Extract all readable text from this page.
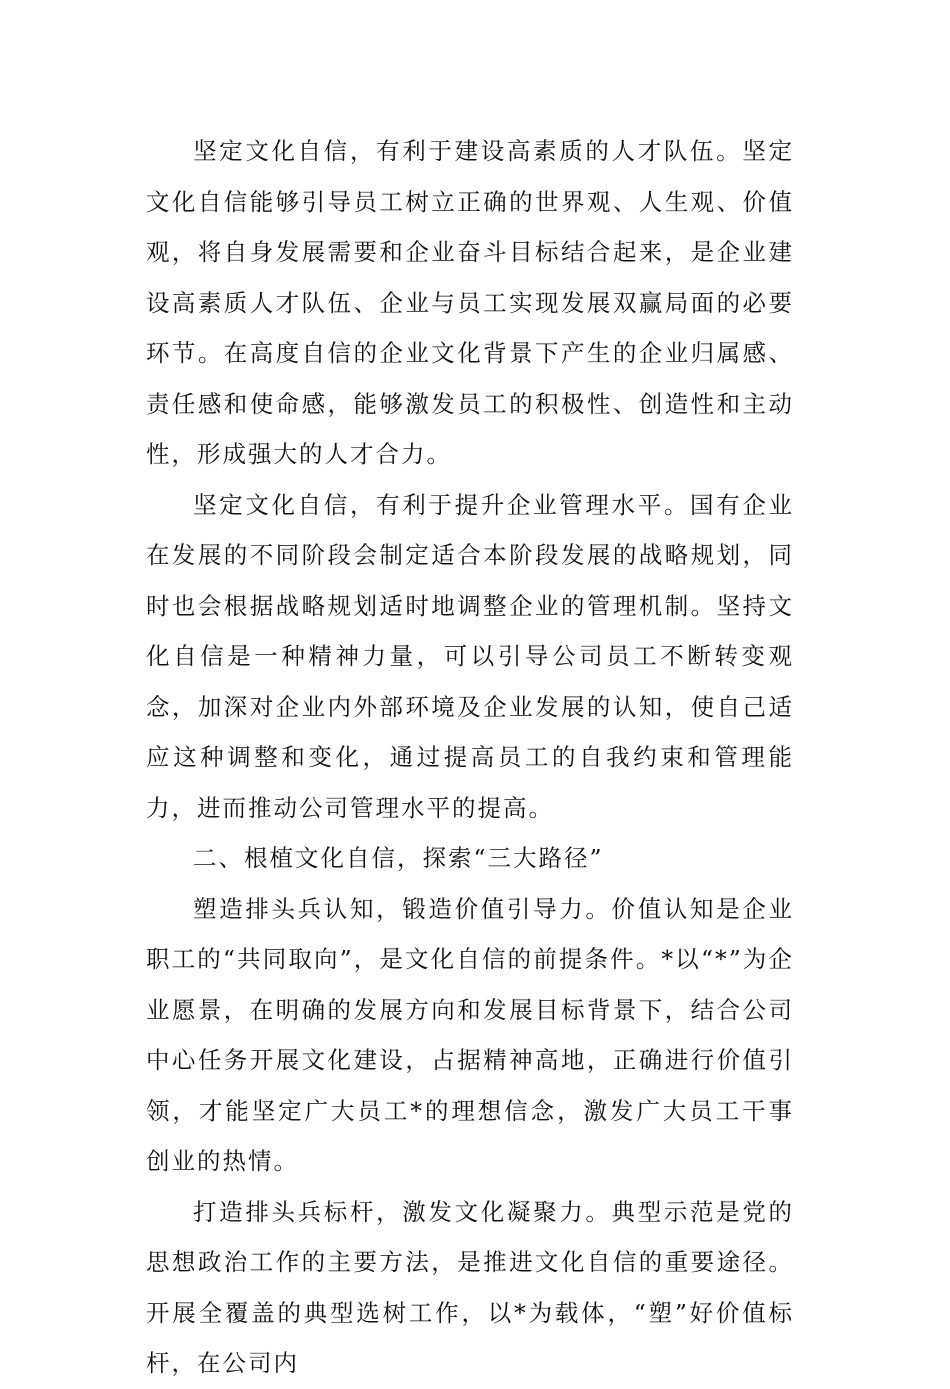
坚定文化自信，有利于建设高素质的人才队伍。坚定文化自信能够引导员工树立正确的世界观、人生观、价值观，将自身发展需要和企业奋斗目标结合起来，是企业建设高素质人才队伍、企业与员工实现发展双赢局面的必要环节。在高度自信的企业文化背景下产生的企业归属感、责任感和使命感，能够激发员工的积极性、创造性和主动性，形成强大的人才合力。

坚定文化自信，有利于提升企业管理水平。国有企业在发展的不同阶段会制定适合本阶段发展的战略规划，同时也会根据战略规划适时地调整企业的管理机制。坚持文化自信是一种精神力量，可以引导公司员工不断转变观念，加深对企业内外部环境及企业发展的认知，使自己适应这种调整和变化，通过提高员工的自我约束和管理能力，进而推动公司管理水平的提高。

二、根植文化自信，探索“三大路径”

塑造排头兵认知，锻造价值引导力。价值认知是企业职工的“共同取向”，是文化自信的前提条件。*以“*”为企业愿景，在明确的发展方向和发展目标背景下，结合公司中心任务开展文化建设，占据精神高地，正确进行价值引领，才能坚定广大员工*的理想信念，激发广大员工干事创业的热情。

打造排头兵标杆，激发文化凝聚力。典型示范是党的思想政治工作的主要方法，是推进文化自信的重要途径。开展全覆盖的典型选树工作，以*为载体，“塑”好价值标杆，在公司内
